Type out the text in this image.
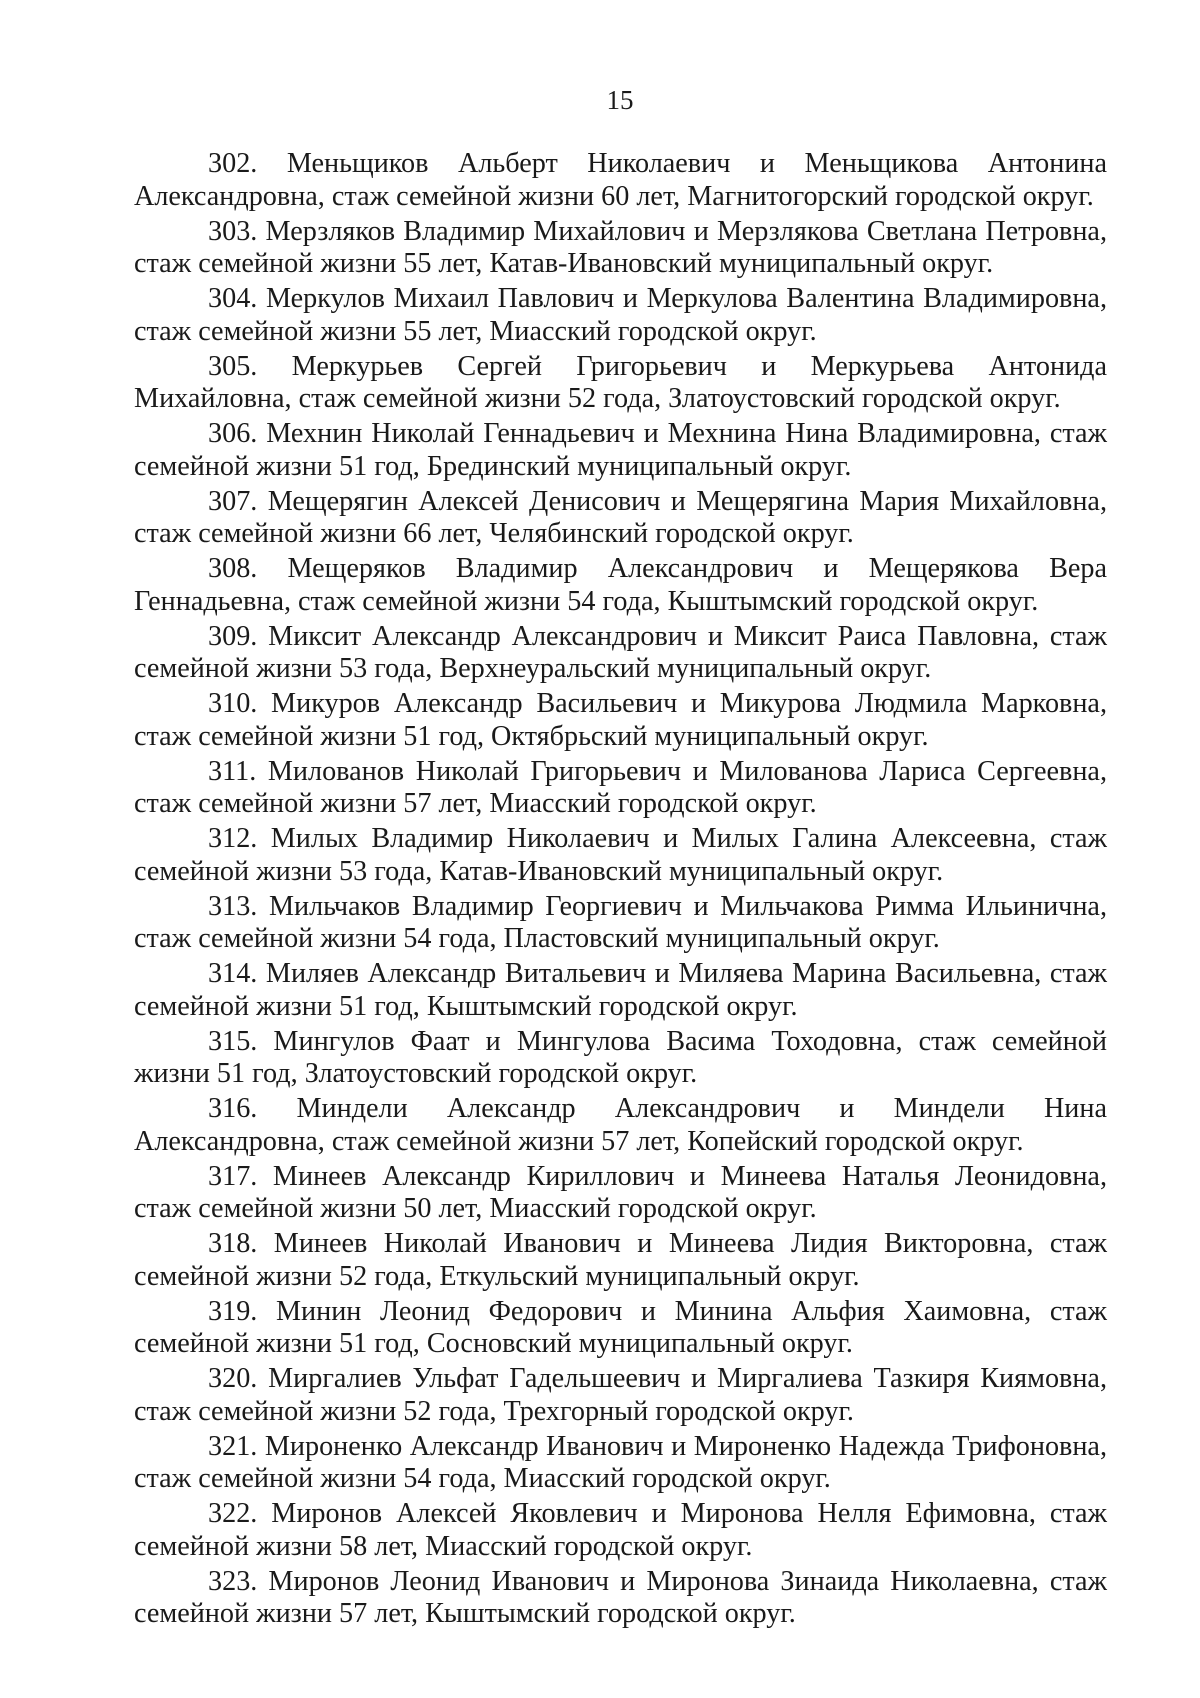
15

302. Меньщиков Альберт Николаевич и Меньщикова Антонина Александровна, стаж семейной жизни 60 лет, Магнитогорский городской округ.

303. Мерзляков Владимир Михайлович и Мерзлякова Светлана Петровна, стаж семейной жизни 55 лет, Катав-Ивановский муниципальный округ.

304. Меркулов Михаил Павлович и Меркулова Валентина Владимировна, стаж семейной жизни 55 лет, Миасский городской округ.

305. Меркурьев Сергей Григорьевич и Меркурьева Антонида Михайловна, стаж семейной жизни 52 года, Златоустовский городской округ.

306. Мехнин Николай Геннадьевич и Мехнина Нина Владимировна, стаж семейной жизни 51 год, Брединский муниципальный округ.

307. Мещерягин Алексей Денисович и Мещерягина Мария Михайловна, стаж семейной жизни 66 лет, Челябинский городской округ.

308. Мещеряков Владимир Александрович и Мещерякова Вера Геннадьевна, стаж семейной жизни 54 года, Кыштымский городской округ.

309. Миксит Александр Александрович и Миксит Раиса Павловна, стаж семейной жизни 53 года, Верхнеуральский муниципальный округ.

310. Микуров Александр Васильевич и Микурова Людмила Марковна, стаж семейной жизни 51 год, Октябрьский муниципальный округ.

311. Милованов Николай Григорьевич и Милованова Лариса Сергеевна, стаж семейной жизни 57 лет, Миасский городской округ.

312. Милых Владимир Николаевич и Милых Галина Алексеевна, стаж семейной жизни 53 года, Катав-Ивановский муниципальный округ.

313. Мильчаков Владимир Георгиевич и Мильчакова Римма Ильинична, стаж семейной жизни 54 года, Пластовский муниципальный округ.

314. Миляев Александр Витальевич и Миляева Марина Васильевна, стаж семейной жизни 51 год, Кыштымский городской округ.

315. Мингулов Фаат и Мингулова Васима Тоходовна, стаж семейной жизни 51 год, Златоустовский городской округ.

316. Миндели Александр Александрович и Миндели Нина Александровна, стаж семейной жизни 57 лет, Копейский городской округ.

317. Минеев Александр Кириллович и Минеева Наталья Леонидовна, стаж семейной жизни 50 лет, Миасский городской округ.

318. Минеев Николай Иванович и Минеева Лидия Викторовна, стаж семейной жизни 52 года, Еткульский муниципальный округ.

319. Минин Леонид Федорович и Минина Альфия Хаимовна, стаж семейной жизни 51 год, Сосновский муниципальный округ.

320. Миргалиев Ульфат Гадельшеевич и Миргалиева Тазкиря Киямовна, стаж семейной жизни 52 года, Трехгорный городской округ.

321. Мироненко Александр Иванович и Мироненко Надежда Трифоновна, стаж семейной жизни 54 года, Миасский городской округ.

322. Миронов Алексей Яковлевич и Миронова Нелля Ефимовна, стаж семейной жизни 58 лет, Миасский городской округ.

323. Миронов Леонид Иванович и Миронова Зинаида Николаевна, стаж семейной жизни 57 лет, Кыштымский городской округ.
